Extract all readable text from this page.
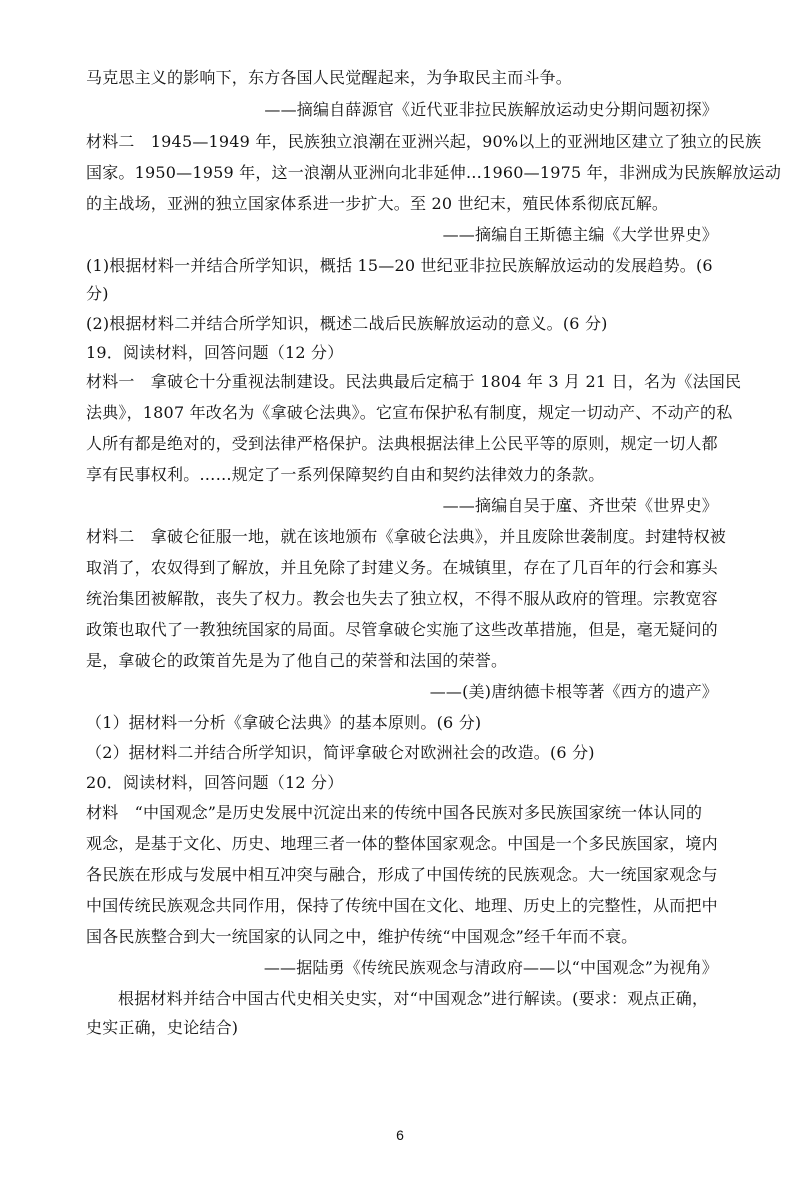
马克思主义的影响下，东方各国人民觉醒起来，为争取民主而斗争。
——摘编自薛源官《近代亚非拉民族解放运动史分期问题初探》
材料二　1945—1949 年，民族独立浪潮在亚洲兴起，90%以上的亚洲地区建立了独立的民族
国家。1950—1959 年，这一浪潮从亚洲向北非延伸…1960—1975 年，非洲成为民族解放运动
的主战场，亚洲的独立国家体系进一步扩大。至 20 世纪末，殖民体系彻底瓦解。
——摘编自王斯德主编《大学世界史》
(1)根据材料一并结合所学知识，概括 15—20 世纪亚非拉民族解放运动的发展趋势。(6
分)
(2)根据材料二并结合所学知识，概述二战后民族解放运动的意义。(6 分)
19．阅读材料，回答问题（12 分）
材料一　拿破仑十分重视法制建设。民法典最后定稿于 1804 年 3 月 21 日，名为《法国民
法典》，1807 年改名为《拿破仑法典》。它宣布保护私有制度，规定一切动产、不动产的私
人所有都是绝对的，受到法律严格保护。法典根据法律上公民平等的原则，规定一切人都
享有民事权利。……规定了一系列保障契约自由和契约法律效力的条款。
——摘编自吴于廑、齐世荣《世界史》
材料二　拿破仑征服一地，就在该地颁布《拿破仑法典》，并且废除世袭制度。封建特权被
取消了，农奴得到了解放，并且免除了封建义务。在城镇里，存在了几百年的行会和寡头
统治集团被解散，丧失了权力。教会也失去了独立权，不得不服从政府的管理。宗教宽容
政策也取代了一教独统国家的局面。尽管拿破仑实施了这些改革措施，但是，毫无疑问的
是，拿破仑的政策首先是为了他自己的荣誉和法国的荣誉。
——(美)唐纳德卡根等著《西方的遗产》
（1）据材料一分析《拿破仑法典》的基本原则。(6 分)
（2）据材料二并结合所学知识，简评拿破仑对欧洲社会的改造。(6 分)
20．阅读材料，回答问题（12 分）
材料　“中国观念”是历史发展中沉淀出来的传统中国各民族对多民族国家统一体认同的
观念，是基于文化、历史、地理三者一体的整体国家观念。中国是一个多民族国家，境内
各民族在形成与发展中相互冲突与融合，形成了中国传统的民族观念。大一统国家观念与
中国传统民族观念共同作用，保持了传统中国在文化、地理、历史上的完整性，从而把中
国各民族整合到大一统国家的认同之中，维护传统“中国观念”经千年而不衰。
——据陆勇《传统民族观念与清政府——以“中国观念”为视角》
根据材料并结合中国古代史相关史实，对“中国观念”进行解读。(要求：观点正确，
史实正确，史论结合)
6
